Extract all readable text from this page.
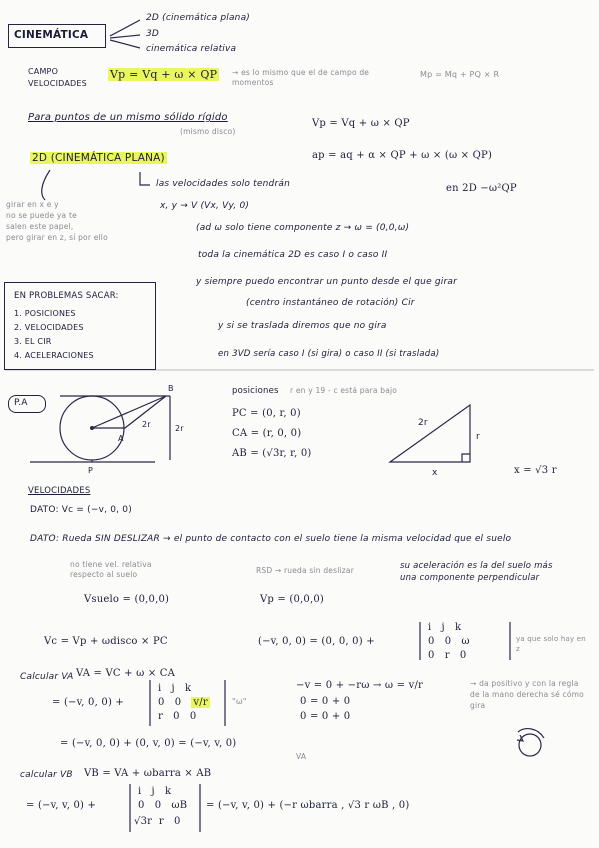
CINEMÁTICA
2D (cinemática plana)
3D
cinemática relativa
CAMPO VELOCIDADES
Vp = Vq + ω × QP → es lo mismo que el de campo de momentos
Mp = Mq + PQ × R
Para puntos de un mismo sólido rígido
(mismo disco)
Vp = Vq + ω × QP
ap = aq + α × QP + ω × (ω × QP)
en 2D −ω²QP
2D (CINEMÁTICA PLANA)
las velocidades solo tendrán
x, y → V (Vx, Vy, 0)
(ad ω solo tiene componente z → ω = (0,0,ω)
toda la cinemática 2D es caso I o caso II
y siempre puedo encontrar un punto desde el que girar
(centro instantáneo de rotación) Cir
y si se traslada diremos que no gira
en 3VD sería caso I (si gira) o caso II (si traslada)
girar en x e y
no se puede ya te
salen este papel,
pero girar en z, sí por ello
EN PROBLEMAS SACAR:
1. POSICIONES
2. VELOCIDADES
3. EL CIR
4. ACELERACIONES
P.A
B
A
P
2r	2r
posiciones r en y 19 - c está para bajo
PC = (0, r, 0)
CA = (r, 0, 0)
AB = (√3r, r, 0)
2r
r
x	x = √3 r
VELOCIDADES
DATO: Vc = (−v, 0, 0)
DATO: Rueda SIN DESLIZAR → el punto de contacto con el suelo tiene la misma velocidad que el suelo
no tiene vel. relativa respecto al suelo
su aceleración es la del suelo más una componente perpendicular
RSD → rueda sin deslizar
Vsuelo = (0,0,0)	Vp = (0,0,0)
Vc = Vp + ωdisco × PC	(−v, 0, 0) = (0, 0, 0) +
i j k
0 0 ω
0 r 0
ya que solo hay en z
Calcular VA VA = VC + ω × CA
= (−v, 0, 0) +
i j k
0 0 v/r
r 0 0
"ω"
−v = 0 + −rω → ω = v/r
0 = 0 + 0
0 = 0 + 0
→ da positivo y con la regla de la mano derecha sé cómo gira
= (−v, 0, 0) + (0, v, 0) = (−v, v, 0)
VA
calcular VB VB = VA + ωbarra × AB
= (−v, v, 0) +
i j k
0 0 ωB
√3r r 0
= (−v, v, 0) + (−r ωbarra , √3 r ωB , 0)
